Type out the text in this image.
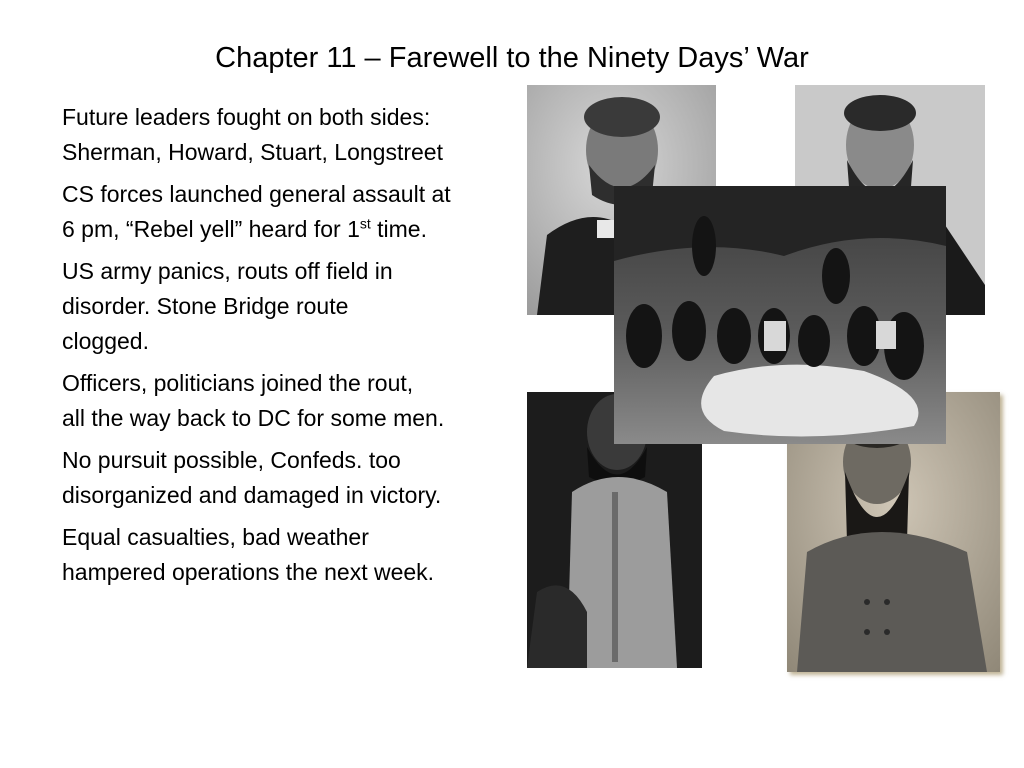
Chapter 11 – Farewell to the Ninety Days’ War

Future leaders fought on both sides:
Sherman, Howard, Stuart, Longstreet

CS forces launched general assault at
6 pm, “Rebel yell” heard for 1st time.

US army panics, routs off field in
disorder. Stone Bridge route
clogged.

Officers, politicians joined the rout,
all the way back to DC for some men.

No pursuit possible, Confeds. too
disorganized and damaged in victory.

Equal casualties, bad weather
hampered operations the next week.
